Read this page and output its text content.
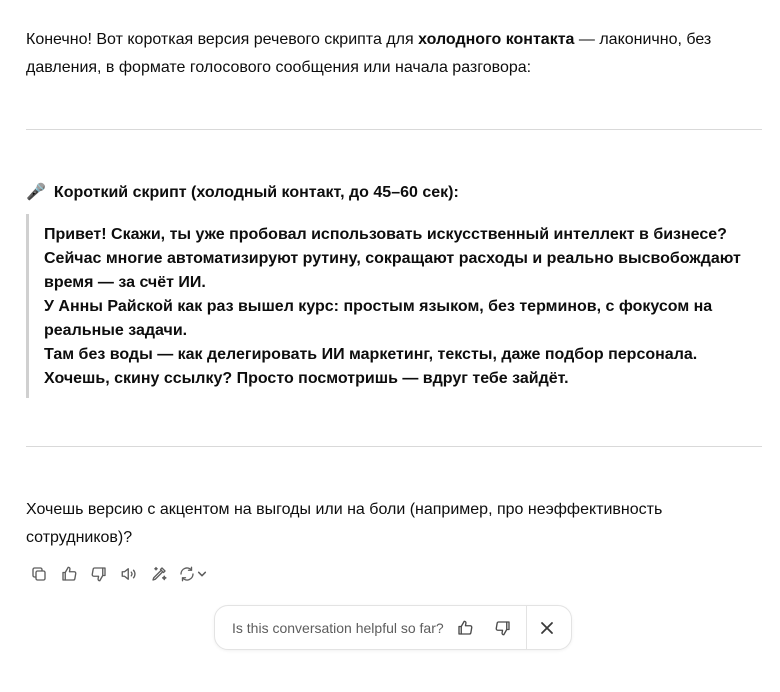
Конечно! Вот короткая версия речевого скрипта для холодного контакта — лаконично, без давления, в формате голосового сообщения или начала разговора:
🎤 Короткий скрипт (холодный контакт, до 45–60 сек):
Привет! Скажи, ты уже пробовал использовать искусственный интеллект в бизнесе?
Сейчас многие автоматизируют рутину, сокращают расходы и реально высвобождают время — за счёт ИИ.
У Анны Райской как раз вышел курс: простым языком, без терминов, с фокусом на реальные задачи.
Там без воды — как делегировать ИИ маркетинг, тексты, даже подбор персонала.
Хочешь, скину ссылку? Просто посмотришь — вдруг тебе зайдёт.
Хочешь версию с акцентом на выгоды или на боли (например, про неэффективность сотрудников)?
Is this conversation helpful so far?
